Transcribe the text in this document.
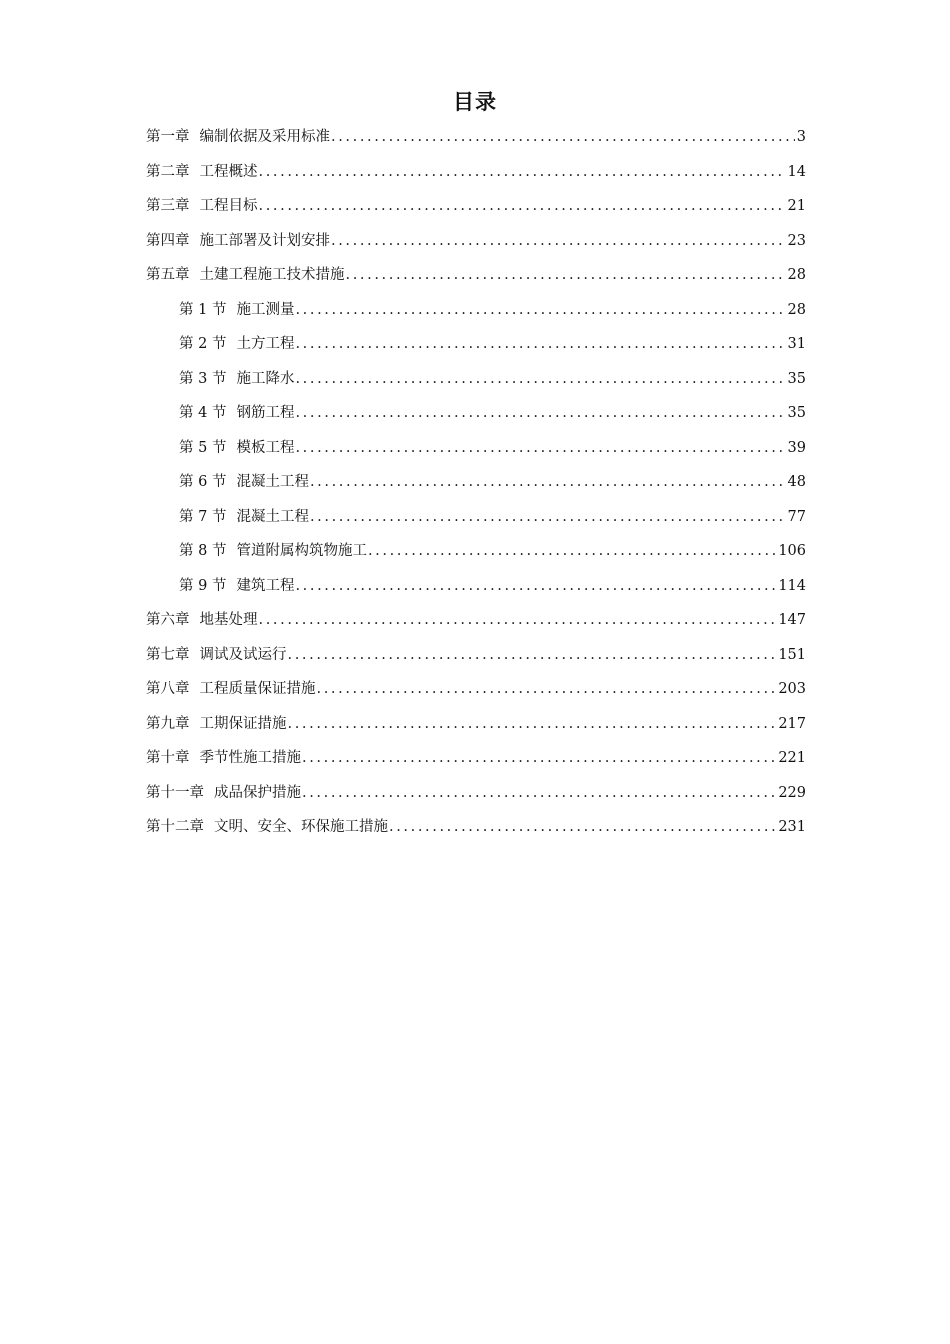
目录
第一章 编制依据及采用标准 .....	3
第二章 工程概述 .....	14
第三章 工程目标 .....	21
第四章 施工部署及计划安排 .....	23
第五章 土建工程施工技术措施 .....	28
第 1 节 施工测量 .....	28
第 2 节 土方工程 .....	31
第 3 节 施工降水 .....	35
第 4 节 钢筋工程 .....	35
第 5 节 模板工程 .....	39
第 6 节 混凝土工程 .....	48
第 7 节 混凝土工程 .....	77
第 8 节 管道附属构筑物施工 .....	106
第 9 节 建筑工程 .....	114
第六章 地基处理 .....	147
第七章 调试及试运行 .....	151
第八章 工程质量保证措施 .....	203
第九章 工期保证措施 .....	217
第十章 季节性施工措施 .....	221
第十一章 成品保护措施 .....	229
第十二章 文明、安全、环保施工措施 .....	231
